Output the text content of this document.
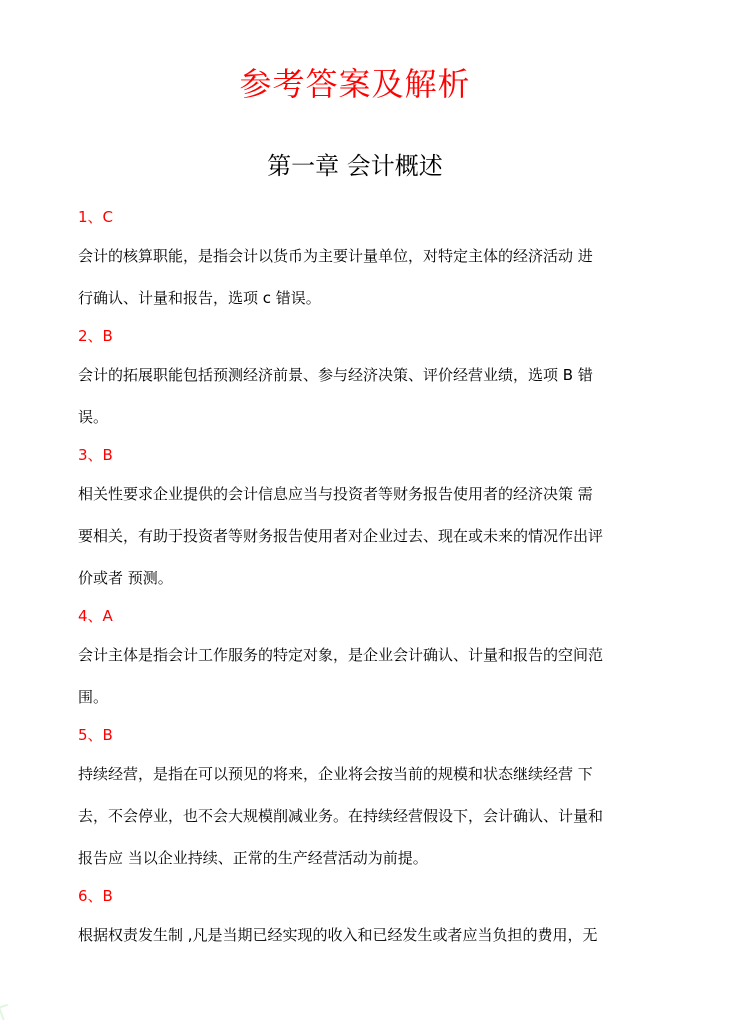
参考答案及解析
第一章 会计概述
1、C
会计的核算职能，是指会计以货币为主要计量单位，对特定主体的经济活动 进
行确认、计量和报告，选项 c 错误。
2、B
会计的拓展职能包括预测经济前景、参与经济决策、评价经营业绩，选项 B 错
误。
3、B
相关性要求企业提供的会计信息应当与投资者等财务报告使用者的经济决策 需
要相关，有助于投资者等财务报告使用者对企业过去、现在或未来的情况作出评
价或者 预测。
4、A
会计主体是指会计工作服务的特定对象，是企业会计确认、计量和报告的空间范
围。
5、B
持续经营，是指在可以预见的将来，企业将会按当前的规模和状态继续经营 下
去，不会停业，也不会大规模削减业务。在持续经营假设下，会计确认、计量和
报告应 当以企业持续、正常的生产经营活动为前提。
6、B
根据权责发生制 ,凡是当期已经实现的收入和已经发生或者应当负担的费用，无
